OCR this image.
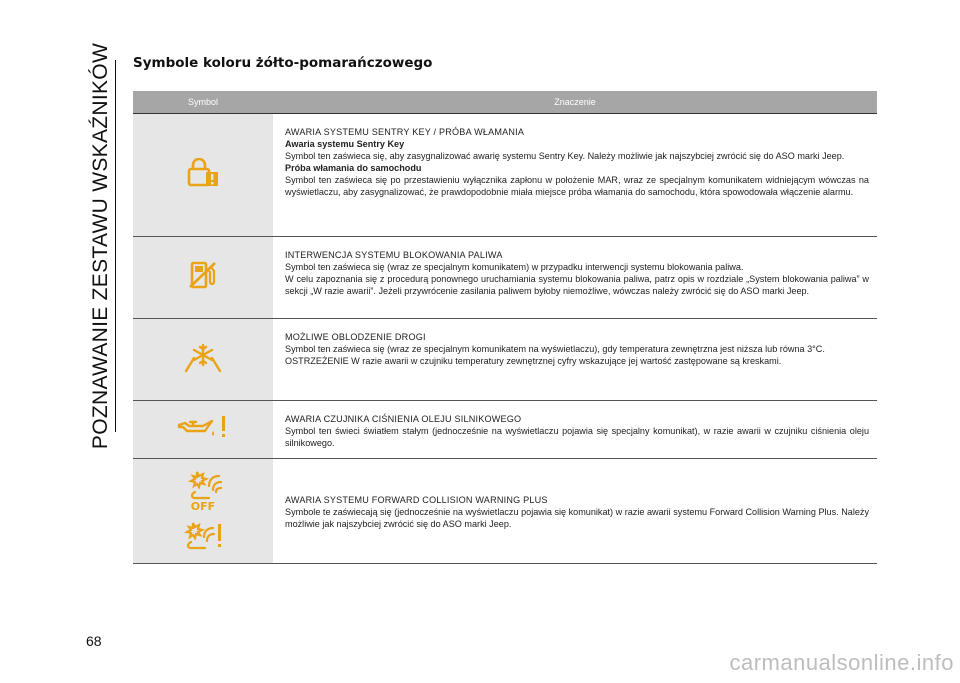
POZNAWANIE ZESTAWU WSKAŹNIKÓW Symbole koloru żółto-pomarańczowego
Symbol	Znaczenie

AWARIA SYSTEMU SENTRY KEY / PRÓBA WŁAMANIA
Awaria systemu Sentry Key
Symbol ten zaświeca się, aby zasygnalizować awarię systemu Sentry Key. Należy możliwie jak najszybciej zwrócić się do ASO marki Jeep.
Próba włamania do samochodu
Symbol ten zaświeca się po przestawieniu wyłącznika zapłonu w położenie MAR, wraz ze specjalnym komunikatem widniejącym wówczas na wyświetlaczu, aby zasygnalizować, że prawdopodobnie miała miejsce próba włamania do samochodu, która spowodowała włączenie alarmu.

INTERWENCJA SYSTEMU BLOKOWANIA PALIWA
Symbol ten zaświeca się (wraz ze specjalnym komunikatem) w przypadku interwencji systemu blokowania paliwa.
W celu zapoznania się z procedurą ponownego uruchamiania systemu blokowania paliwa, patrz opis w rozdziale „System blokowania paliwa” w sekcji „W razie awarii”. Jeżeli przywrócenie zasilania paliwem byłoby niemożliwe, wówczas należy zwrócić się do ASO marki Jeep.

MOŻLIWE OBLODZENIE DROGI
Symbol ten zaświeca się (wraz ze specjalnym komunikatem na wyświetlaczu), gdy temperatura zewnętrzna jest niższa lub równa 3°C.
OSTRZEŻENIE W razie awarii w czujniku temperatury zewnętrznej cyfry wskazujące jej wartość zastępowane są kreskami.

AWARIA CZUJNIKA CIŚNIENIA OLEJU SILNIKOWEGO
Symbol ten świeci światłem stałym (jednocześnie na wyświetlaczu pojawia się specjalny komunikat), w razie awarii w czujniku ciśnienia oleju silnikowego.

OFF	AWARIA SYSTEMU FORWARD COLLISION WARNING PLUS
Symbole te zaświecają się (jednocześnie na wyświetlaczu pojawia się komunikat) w razie awarii systemu Forward Collision Warning Plus. Należy możliwie jak najszybciej zwrócić się do ASO marki Jeep.
68
carmanualsonline.info
